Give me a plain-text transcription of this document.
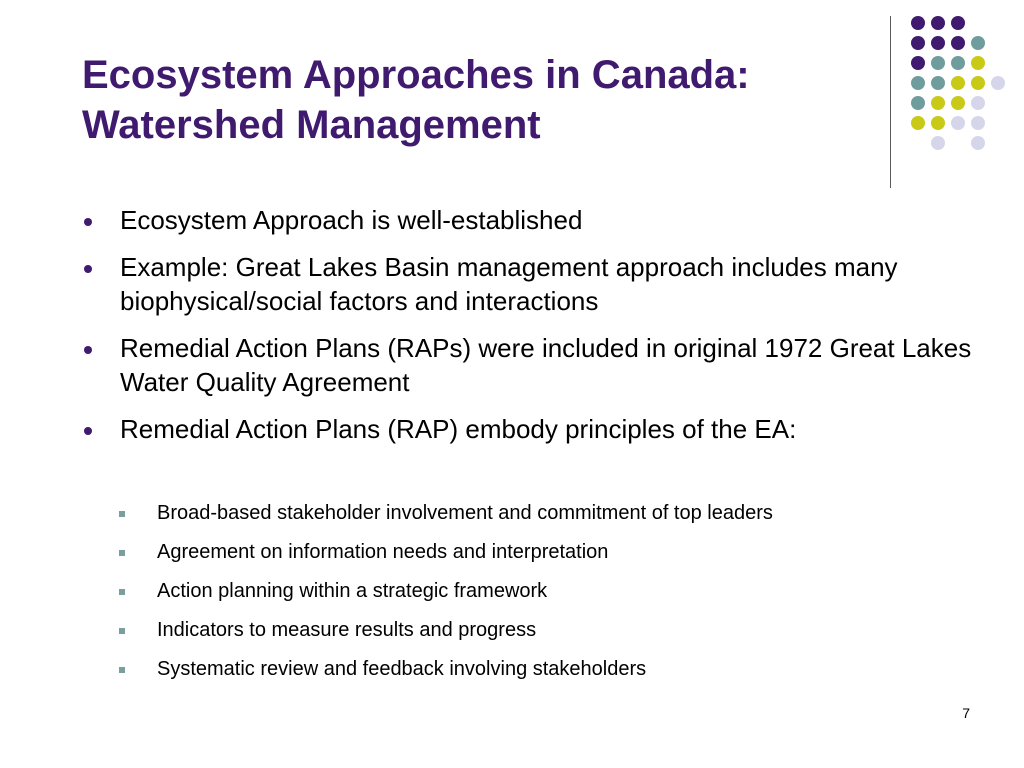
Ecosystem Approaches in Canada:
Watershed Management
Ecosystem Approach is well-established
Example: Great Lakes Basin management approach includes many biophysical/social factors and interactions
Remedial Action Plans (RAPs) were included in original 1972 Great Lakes Water Quality Agreement
Remedial Action Plans (RAP) embody principles of the EA:
Broad-based stakeholder involvement and commitment of top leaders
Agreement on information needs and interpretation
Action planning within a strategic framework
Indicators to measure results and progress
Systematic review and feedback involving stakeholders
7
